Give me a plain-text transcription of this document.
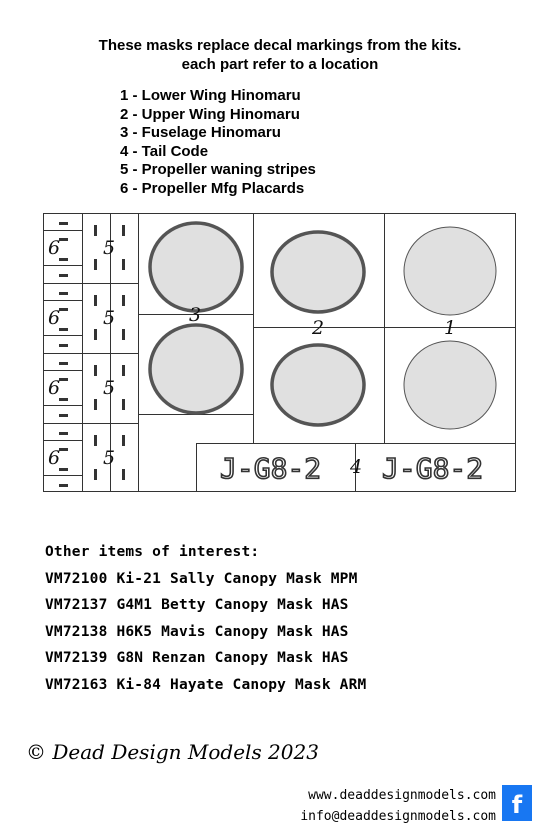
These masks replace decal markings from the kits.
each part refer to a location
1 - Lower Wing Hinomaru
2 - Upper Wing Hinomaru
3 - Fuselage Hinomaru
4 - Tail Code
5 - Propeller waning stripes
6 - Propeller Mfg Placards
3
2	1
4
5
5
5
5
6
6
6
6	J-G8-2 J-G8-2
Other items of interest:
VM72100 Ki-21 Sally Canopy Mask MPM
VM72137 G4M1 Betty Canopy Mask HAS
VM72138 H6K5 Mavis Canopy Mask HAS
VM72139 G8N Renzan Canopy Mask HAS
VM72163 Ki-84 Hayate Canopy Mask ARM
© Dead Design Models 2023
www.deaddesignmodels.com
info@deaddesignmodels.com f
